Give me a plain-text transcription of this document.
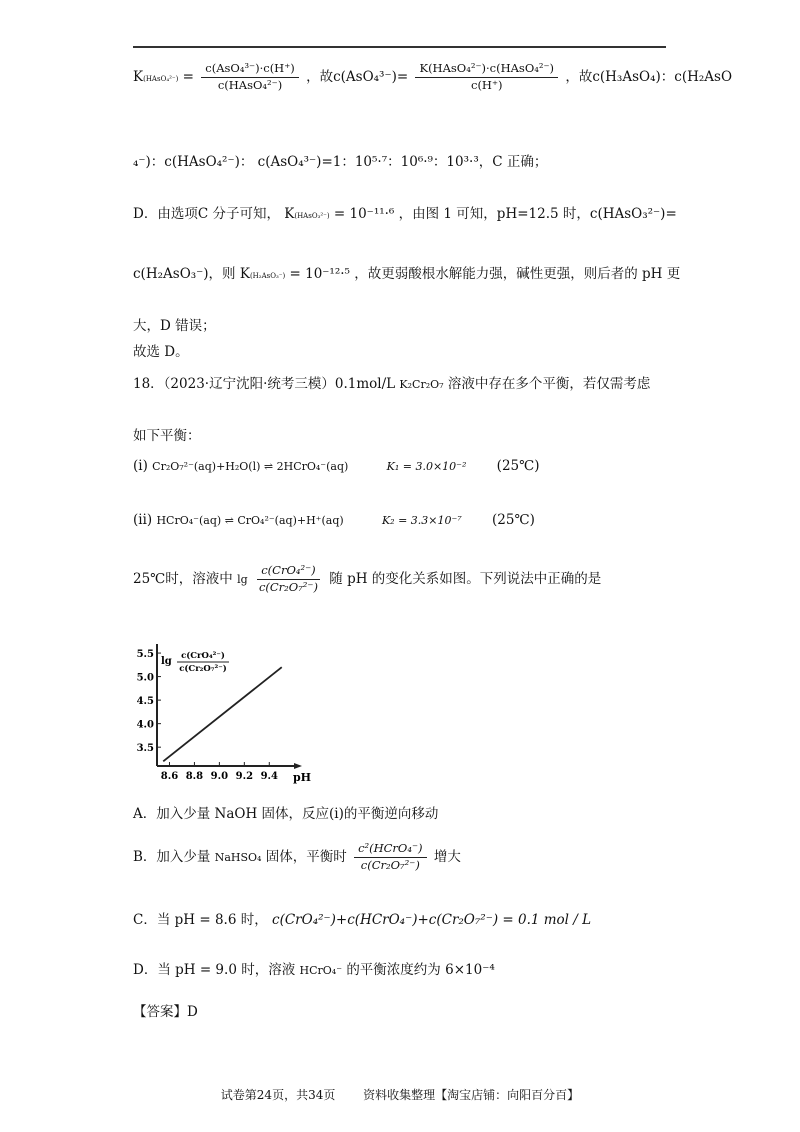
K(HAsO₄²⁻) = $\frac{\text{c(AsO₄³⁻)·c(H⁺)}}{\text{c(HAsO₄²⁻)}}$ ，故$c(AsO_4^{3-})= \frac{\text{K(HAsO₄²⁻)·c(HAsO₄²⁻)}}{c(H^+)}$ ，故c(H₃AsO₄)：c(H₂AsO
₄⁻)：c(HAsO₄²⁻)： c(AsO₄³⁻)=1：10⁵·⁷：10⁶·⁹：10³·³，C 正确；
D．由选项C 分子可知， K(HAsO₃²⁻) = 10⁻¹¹·⁶ ，由图 1 可知，pH=12.5 时，c(HAsO₃²⁻)=
c(H₂AsO₃⁻)，则 K(H₂AsO₃⁻) = 10⁻¹²·⁵ ，故更弱酸根水解能力强，碱性更强，则后者的 pH 更
大，D 错误；
故选 D。
18．（2023·辽宁沈阳·统考三模）0.1mol/L K₂Cr₂O₇ 溶液中存在多个平衡，若仅需考虑
如下平衡：
(ⅰ) Cr₂O₇²⁻(aq)+H₂O(l) ⇌ 2HCrO₄⁻(aq)	K₁ = 3.0×10⁻² (25℃)
(ⅱ) HCrO₄⁻(aq) ⇌ CrO₄²⁻(aq)+H⁺(aq)	K₂ = 3.3×10⁻⁷ (25℃)
25℃时，溶液中 $\lg \frac{\text{c(CrO₄²⁻)}}{\text{c(Cr₂O₇²⁻)}}$ 随 pH 的变化关系如图。下列说法中正确的是
8.6 8.8 9.0 9.2 9.4
3.5
4.0
4.5
5.0
5.5
pH
lg c(CrO₄²⁻)
c(Cr₂O₇²⁻)
A．加入少量 NaOH 固体，反应(ⅰ)的平衡逆向移动
B．加入少量 NaHSO₄ 固体，平衡时 $\frac{\text{c²(HCrO₄⁻)}}{\text{c(Cr₂O₇²⁻)}}$ 增大
C．当 pH = 8.6 时， c(CrO₄²⁻)+c(HCrO₄⁻)+c(Cr₂O₇²⁻) = 0.1 mol / L
D．当 pH = 9.0 时，溶液 HCrO₄⁻ 的平衡浓度约为 6×10⁻⁴
【答案】D
试卷第24页，共34页 资料收集整理【淘宝店铺：向阳百分百】
